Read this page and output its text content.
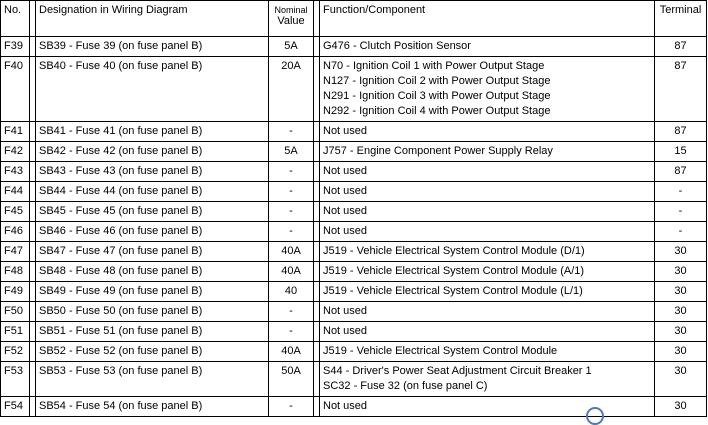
No.		Designation in Wiring Diagram	Nominal
Value		Function/Component	Terminal
F39		SB39 - Fuse 39 (on fuse panel B)	5A		G476 - Clutch Position Sensor	87
F40		SB40 - Fuse 40 (on fuse panel B)	20A		N70 - Ignition Coil 1 with Power Output Stage
N127 - Ignition Coil 2 with Power Output Stage
N291 - Ignition Coil 3 with Power Output Stage
N292 - Ignition Coil 4 with Power Output Stage	87
F41		SB41 - Fuse 41 (on fuse panel B)	-		Not used	87
F42		SB42 - Fuse 42 (on fuse panel B)	5A		J757 - Engine Component Power Supply Relay	15
F43		SB43 - Fuse 43 (on fuse panel B)	-		Not used	87
F44		SB44 - Fuse 44 (on fuse panel B)	-		Not used	-
F45		SB45 - Fuse 45 (on fuse panel B)	-		Not used	-
F46		SB46 - Fuse 46 (on fuse panel B)	-		Not used	-
F47		SB47 - Fuse 47 (on fuse panel B)	40A		J519 - Vehicle Electrical System Control Module (D/1)	30
F48		SB48 - Fuse 48 (on fuse panel B)	40A		J519 - Vehicle Electrical System Control Module (A/1)	30
F49		SB49 - Fuse 49 (on fuse panel B)	40		J519 - Vehicle Electrical System Control Module (L/1)	30
F50		SB50 - Fuse 50 (on fuse panel B)	-		Not used	30
F51		SB51 - Fuse 51 (on fuse panel B)	-		Not used	30
F52		SB52 - Fuse 52 (on fuse panel B)	40A		J519 - Vehicle Electrical System Control Module	30
F53		SB53 - Fuse 53 (on fuse panel B)	50A		S44 - Driver's Power Seat Adjustment Circuit Breaker 1
SC32 - Fuse 32 (on fuse panel C)	30
F54		SB54 - Fuse 54 (on fuse panel B)	-		Not used	30
